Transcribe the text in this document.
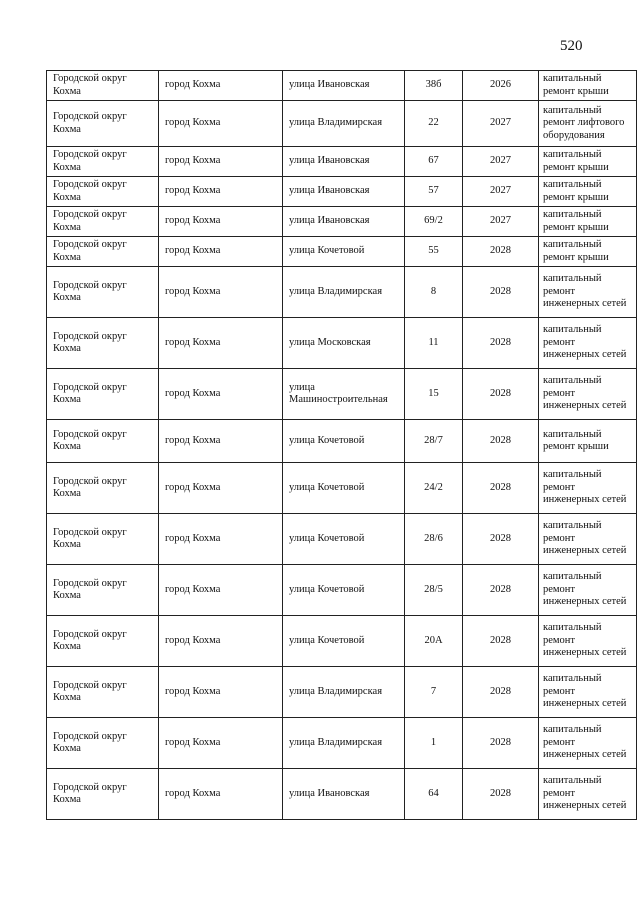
520
Городской округ Кохма	город Кохма	улица Ивановская	38б	2026	капитальный ремонт крыши
Городской округ Кохма	город Кохма	улица Владимирская	22	2027	капитальный ремонт лифтового оборудования
Городской округ Кохма	город Кохма	улица Ивановская	67	2027	капитальный ремонт крыши
Городской округ Кохма	город Кохма	улица Ивановская	57	2027	капитальный ремонт крыши
Городской округ Кохма	город Кохма	улица Ивановская	69/2	2027	капитальный ремонт крыши
Городской округ Кохма	город Кохма	улица Кочетовой	55	2028	капитальный ремонт крыши
Городской округ Кохма	город Кохма	улица Владимирская	8	2028	капитальный ремонт инженерных сетей
Городской округ Кохма	город Кохма	улица Московская	11	2028	капитальный ремонт инженерных сетей
Городской округ Кохма	город Кохма	улица Машиностроительная	15	2028	капитальный ремонт инженерных сетей
Городской округ Кохма	город Кохма	улица Кочетовой	28/7	2028	капитальный ремонт крыши
Городской округ Кохма	город Кохма	улица Кочетовой	24/2	2028	капитальный ремонт инженерных сетей
Городской округ Кохма	город Кохма	улица Кочетовой	28/6	2028	капитальный ремонт инженерных сетей
Городской округ Кохма	город Кохма	улица Кочетовой	28/5	2028	капитальный ремонт инженерных сетей
Городской округ Кохма	город Кохма	улица Кочетовой	20А	2028	капитальный ремонт инженерных сетей
Городской округ Кохма	город Кохма	улица Владимирская	7	2028	капитальный ремонт инженерных сетей
Городской округ Кохма	город Кохма	улица Владимирская	1	2028	капитальный ремонт инженерных сетей
Городской округ Кохма	город Кохма	улица Ивановская	64	2028	капитальный ремонт инженерных сетей
